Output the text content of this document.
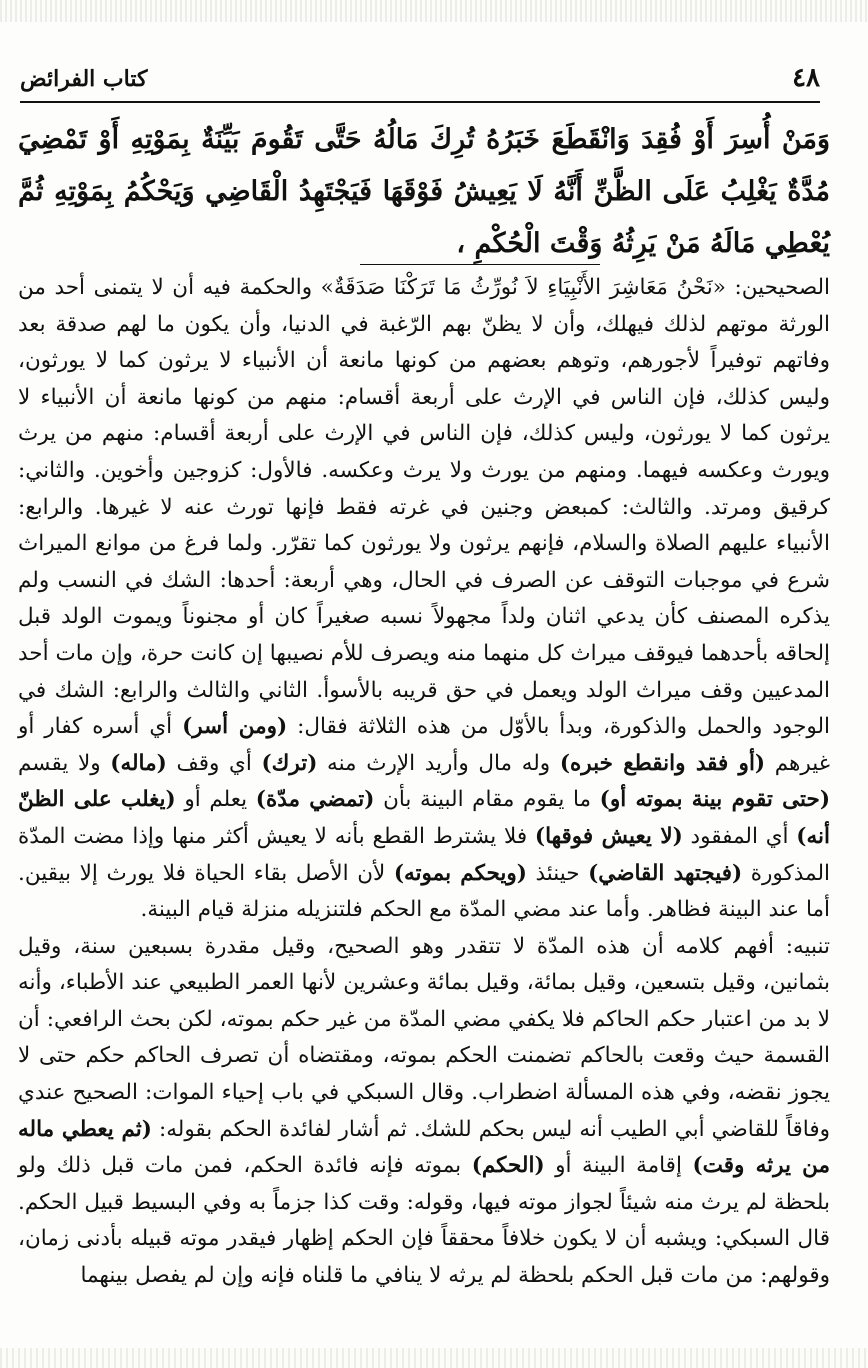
٤٨
كتاب الفرائض
وَمَنْ أُسِرَ أَوْ فُقِدَ وَانْقَطَعَ خَبَرُهُ تُرِكَ مَالُهُ حَتَّى تَقُومَ بَيِّنَةٌ بِمَوْتِهِ أَوْ تَمْضِيَ مُدَّةٌ يَغْلِبُ عَلَى الظَّنِّ أَنَّهُ لَا يَعِيشُ فَوْقَهَا فَيَجْتَهِدُ الْقَاضِي وَيَحْكُمُ بِمَوْتِهِ ثُمَّ يُعْطِي مَالَهُ مَنْ يَرِثُهُ وَقْتَ الْحُكْمِ ،

الصحيحين: «نَحْنُ مَعَاشِرَ الأَنْبِيَاءِ لاَ نُورِّثُ مَا تَرَكْنَا صَدَقَةٌ» والحكمة فيه أن لا يتمنى أحد من الورثة موتهم لذلك فيهلك، وأن لا يظنّ بهم الرّغبة في الدنيا، وأن يكون ما لهم صدقة بعد وفاتهم توفيراً لأجورهم، وتوهم بعضهم من كونها مانعة أن الأنبياء لا يرثون كما لا يورثون، وليس كذلك، فإن الناس في الإرث على أربعة أقسام: منهم من كونها مانعة أن الأنبياء لا يرثون كما لا يورثون، وليس كذلك، فإن الناس في الإرث على أربعة أقسام: منهم من يرث ويورث وعكسه فيهما. ومنهم من يورث ولا يرث وعكسه. فالأول: كزوجين وأخوين. والثاني: كرقيق ومرتد. والثالث: كمبعض وجنين في غرته فقط فإنها تورث عنه لا غيرها. والرابع: الأنبياء عليهم الصلاة والسلام، فإنهم يرثون ولا يورثون كما تقرّر. ولما فرغ من موانع الميراث شرع في موجبات التوقف عن الصرف في الحال، وهي أربعة: أحدها: الشك في النسب ولم يذكره المصنف كأن يدعي اثنان ولداً مجهولاً نسبه صغيراً كان أو مجنوناً ويموت الولد قبل إلحاقه بأحدهما فيوقف ميراث كل منهما منه ويصرف للأم نصيبها إن كانت حرة، وإن مات أحد المدعيين وقف ميراث الولد ويعمل في حق قريبه بالأسوأ. الثاني والثالث والرابع: الشك في الوجود والحمل والذكورة، وبدأ بالأوّل من هذه الثلاثة فقال: (ومن أسر) أي أسره كفار أو غيرهم (أو فقد وانقطع خبره) وله مال وأريد الإرث منه (ترك) أي وقف (ماله) ولا يقسم (حتى تقوم بينة بموته أو) ما يقوم مقام البينة بأن (تمضي مدّة) يعلم أو (يغلب على الظنّ أنه) أي المفقود (لا يعيش فوقها) فلا يشترط القطع بأنه لا يعيش أكثر منها وإذا مضت المدّة المذكورة (فيجتهد القاضي) حينئذ (ويحكم بموته) لأن الأصل بقاء الحياة فلا يورث إلا بيقين. أما عند البينة فظاهر. وأما عند مضي المدّة مع الحكم فلتنزيله منزلة قيام البينة.

تنبيه: أفهم كلامه أن هذه المدّة لا تتقدر وهو الصحيح، وقيل مقدرة بسبعين سنة، وقيل بثمانين، وقيل بتسعين، وقيل بمائة، وقيل بمائة وعشرين لأنها العمر الطبيعي عند الأطباء، وأنه لا بد من اعتبار حكم الحاكم فلا يكفي مضي المدّة من غير حكم بموته، لكن بحث الرافعي: أن القسمة حيث وقعت بالحاكم تضمنت الحكم بموته، ومقتضاه أن تصرف الحاكم حكم حتى لا يجوز نقضه، وفي هذه المسألة اضطراب. وقال السبكي في باب إحياء الموات: الصحيح عندي وفاقاً للقاضي أبي الطيب أنه ليس بحكم للشك. ثم أشار لفائدة الحكم بقوله: (ثم يعطي ماله من يرثه وقت) إقامة البينة أو (الحكم) بموته فإنه فائدة الحكم، فمن مات قبل ذلك ولو بلحظة لم يرث منه شيئاً لجواز موته فيها، وقوله: وقت كذا جزماً به وفي البسيط قبيل الحكم. قال السبكي: ويشبه أن لا يكون خلافاً محققاً فإن الحكم إظهار فيقدر موته قبيله بأدنى زمان، وقولهم: من مات قبل الحكم بلحظة لم يرثه لا ينافي ما قلناه فإنه وإن لم يفصل بينهما
